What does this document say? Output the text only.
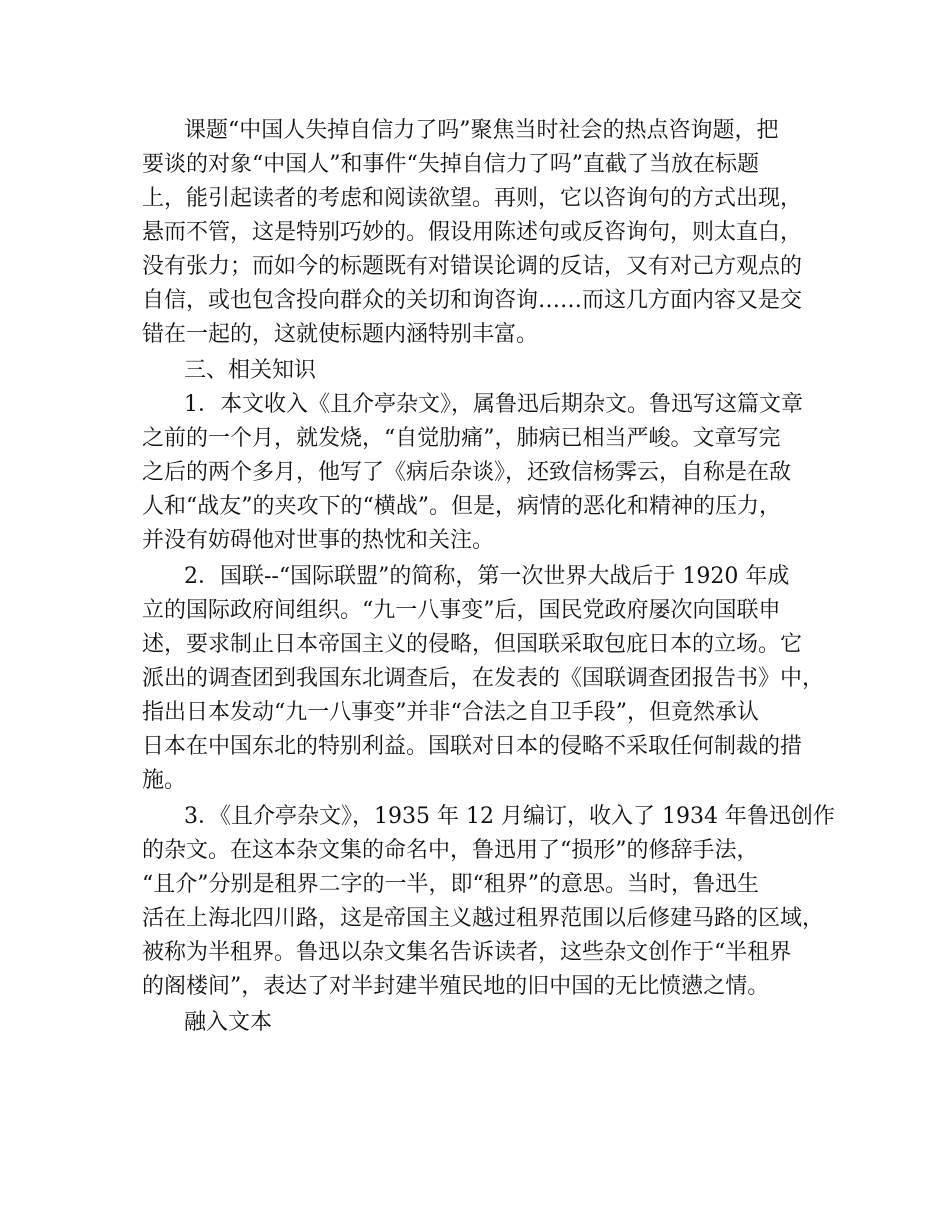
课题“中国人失掉自信力了吗”聚焦当时社会的热点咨询题，把
要谈的对象“中国人”和事件“失掉自信力了吗”直截了当放在标题
上，能引起读者的考虑和阅读欲望。再则，它以咨询句的方式出现，
悬而不管，这是特别巧妙的。假设用陈述句或反咨询句，则太直白，
没有张力；而如今的标题既有对错误论调的反诘，又有对己方观点的
自信，或也包含投向群众的关切和询咨询……而这几方面内容又是交
错在一起的，这就使标题内涵特别丰富。
三、相关知识
1．本文收入《且介亭杂文》，属鲁迅后期杂文。鲁迅写这篇文章
之前的一个月，就发烧，“自觉肋痛”，肺病已相当严峻。文章写完
之后的两个多月，他写了《病后杂谈》，还致信杨霁云，自称是在敌
人和“战友”的夹攻下的“横战”。但是，病情的恶化和精神的压力，
并没有妨碍他对世事的热忱和关注。
2．国联--“国际联盟”的简称，第一次世界大战后于 1920 年成
立的国际政府间组织。“九一八事变”后，国民党政府屡次向国联申
述，要求制止日本帝国主义的侵略，但国联采取包庇日本的立场。它
派出的调查团到我国东北调查后，在发表的《国联调查团报告书》中，
指出日本发动“九一八事变”并非“合法之自卫手段”，但竟然承认
日本在中国东北的特别利益。国联对日本的侵略不采取任何制裁的措
施。
3．《且介亭杂文》，1935 年 12 月编订，收入了 1934 年鲁迅创作
的杂文。在这本杂文集的命名中，鲁迅用了“损形”的修辞手法，
“且介”分别是租界二字的一半，即“租界”的意思。当时，鲁迅生
活在上海北四川路，这是帝国主义越过租界范围以后修建马路的区域，
被称为半租界。鲁迅以杂文集名告诉读者，这些杂文创作于“半租界
的阁楼间”，表达了对半封建半殖民地的旧中国的无比愤懑之情。
融入文本
